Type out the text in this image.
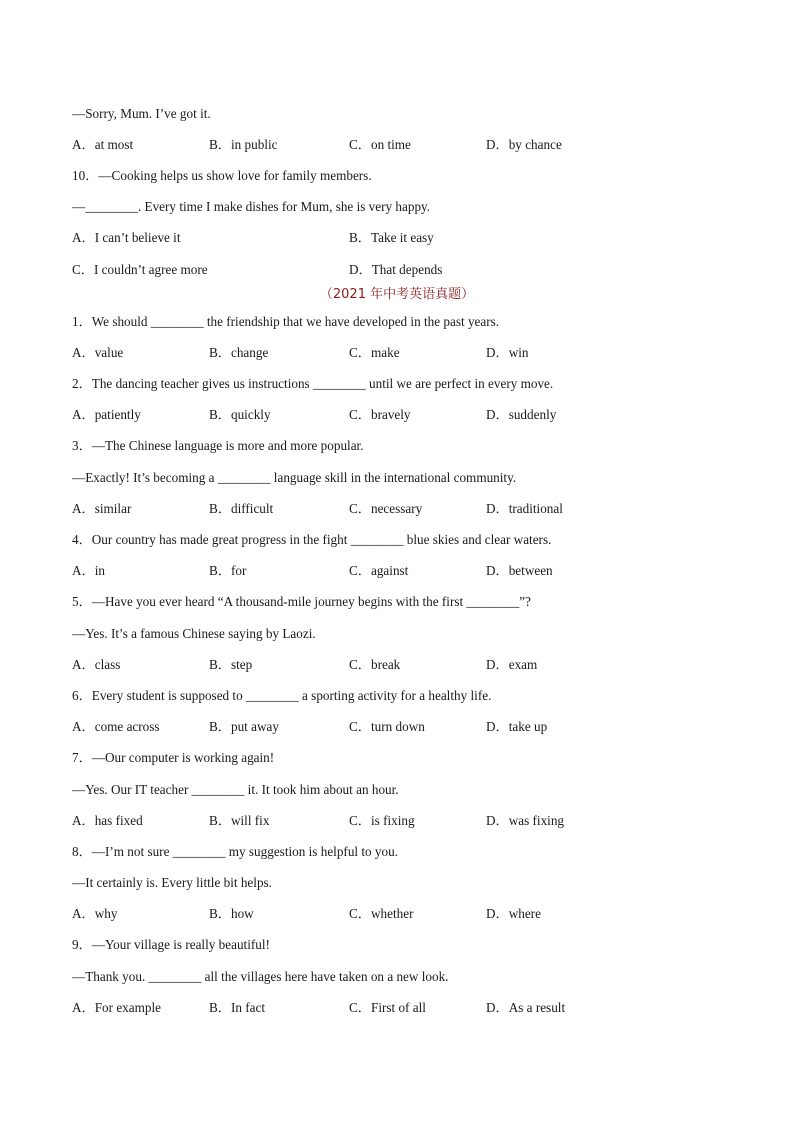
—Sorry, Mum. I’ve got it.
A．at most	B．in public	C．on time	D．by chance
10．—Cooking helps us show love for family members.
—________. Every time I make dishes for Mum, she is very happy.
A．I can’t believe it	B．Take it easy
C．I couldn’t agree more	D．That depends
（2021 年中考英语真题）
1．We should ________ the friendship that we have developed in the past years.
A．value	B．change	C．make	D．win
2．The dancing teacher gives us instructions ________ until we are perfect in every move.
A．patiently	B．quickly	C．bravely	D．suddenly
3．—The Chinese language is more and more popular.
—Exactly! It’s becoming a ________ language skill in the international community.
A．similar	B．difficult	C．necessary	D．traditional
4．Our country has made great progress in the fight ________ blue skies and clear waters.
A．in	B．for	C．against	D．between
5．—Have you ever heard “A thousand-mile journey begins with the first ________”?
—Yes. It’s a famous Chinese saying by Laozi.
A．class	B．step	C．break	D．exam
6．Every student is supposed to ________ a sporting activity for a healthy life.
A．come across	B．put away	C．turn down	D．take up
7．—Our computer is working again!
—Yes. Our IT teacher ________ it. It took him about an hour.
A．has fixed	B．will fix	C．is fixing	D．was fixing
8．—I’m not sure ________ my suggestion is helpful to you.
—It certainly is. Every little bit helps.
A．why	B．how	C．whether	D．where
9．—Your village is really beautiful!
—Thank you. ________ all the villages here have taken on a new look.
A．For example	B．In fact	C．First of all	D．As a result
